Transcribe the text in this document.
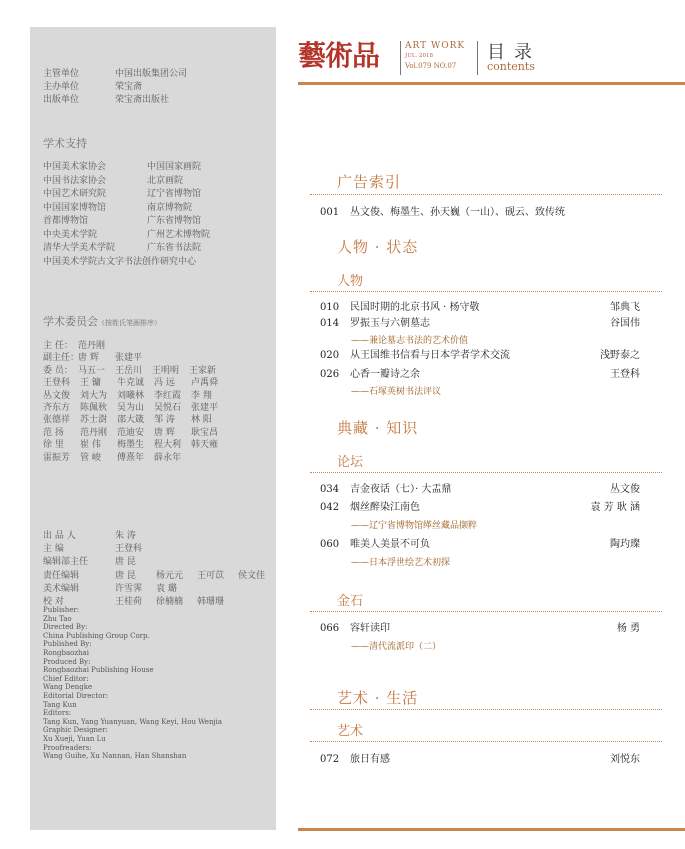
主管单位	中国出版集团公司
主办单位	荣宝斋
出版单位	荣宝斋出版社
学术支持
中国美术家协会	中国国家画院
中国书法家协会	北京画院
中国艺术研究院	辽宁省博物馆
中国国家博物馆	南京博物院
首都博物馆	广东省博物馆
中央美术学院	广州艺术博物院
清华大学美术学院	广东省书法院
中国美术学院古文字书法创作研究中心
学术委员会（按姓氏笔画排序）
主 任： 范丹刚
副主任：唐 辉 张建平
委 员： 马五一 王岳川 王明明 王家新
王登科 王 镛 牛克诚 冯 远 卢禹舜
丛文俊 刘大为 刘曦林 李红霞 李 翔
齐东方 陈佩秋 吴为山 吴悦石 张建平
张德祥 苏士澍 邵大箴 邹 涛 林 阳
范 扬 范丹刚 范迪安 唐 辉 耿宝昌
徐 里 崔 伟 梅墨生 程大利 韩天雍
雷振芳 管 峻 傅熹年 薛永年
出 品 人	朱 涛
主 编	王登科
编辑部主任	唐 昆
责任编辑	唐 昆 杨元元 王可苡 侯文佳
美术编辑	许雪霁 袁 璐
校 对	王桂荷 徐楠楠 韩珊珊
Publisher:
Zhu Tao
Directed By:
China Publishing Group Corp.
Published By:
Rongbaozhai
Produced By:
Rongbaozhai Publishing House
Chief Editor:
Wang Dengke
Editorial Director:
Tang Kun
Editors:
Tang Kun, Yang Yuanyuan, Wang Keyi, Hou Wenjia
Graphic Designer:
Xu Xueji, Yuan Lu
Proofreaders:
Wang Guihe, Xu Nannan, Han Shanshan
藝術品	ART WORK
JUL. 2018
Vol.079 NO.07
目录
contents
广告索引
001 丛文俊、梅墨生、孙天巍（一山）、砚云、致传统
人物 · 状态
人物
010 民国时期的北京书风 · 杨守敬	邹典飞
014 罗振玉与六朝墓志	谷国伟
——兼论墓志书法的艺术价值
020 从王国维书信看与日本学者学术交流	浅野泰之
026 心香一瓣诗之余	王登科
——石塚英树书法评议
典藏 · 知识
论坛
034 吉金夜话（七）· 大盂鼎	丛文俊
042 烟丝醉染江南色	袁 芳 耿 涵
——辽宁省博物馆缂丝藏品撷粹
060 唯美人美景不可负	陶玓璨
——日本浮世绘艺术初探
金石
066 容轩读印	杨 勇
——清代流派印（二）
艺术 · 生活
艺术
072 旅日有感	刘悦东
